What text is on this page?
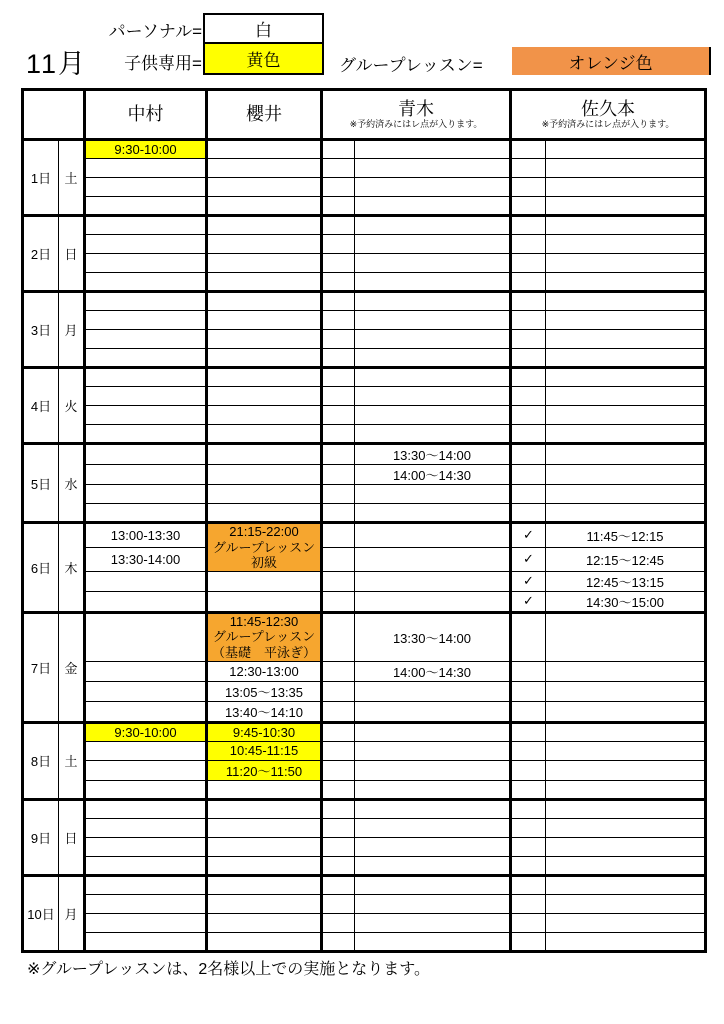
11月
パーソナル=	白
子供専用=	黄色	グループレッスン=	オレンジ色

中村	櫻井	青木
※予約済みにはレ点が入ります。

佐久本
※予約済みにはレ点が入ります。

1日	土	9:30-10:00					

2日	日						

3日	月						

4日	火						

5日	水				13:30～14:00		
					14:00～14:30		

6日	木	13:00-13:30	21:15-22:00
グループレッスン
初級			✓	11:45～12:15
		13:30-14:00				✓	12:15～12:45
						✓	12:45～13:15
						✓	14:30～15:00
7日	金		11:45-12:30
グループレッスン
（基礎　平泳ぎ）		13:30～14:00		

			12:30-13:00		14:00～14:30		
			13:05～13:35				
			13:40～14:10				
8日	土	9:30-10:00	9:45-10:30				
			10:45-11:15				
			11:20～11:50				

9日	日						

10日	月						

※グループレッスンは、2名様以上での実施となります。
